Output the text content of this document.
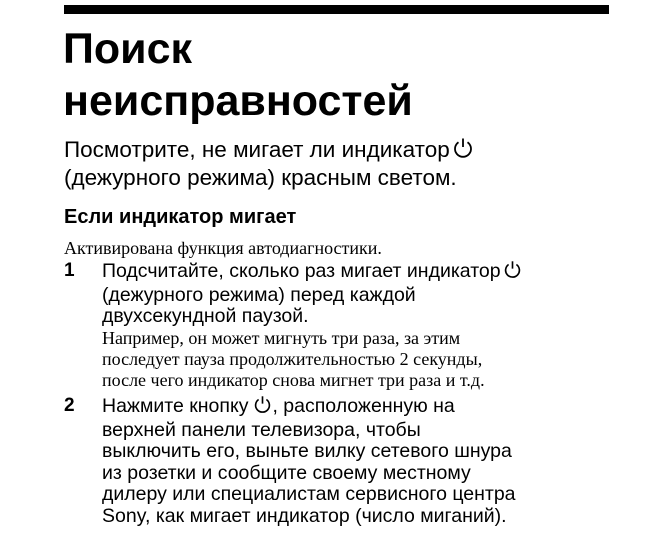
Поиск
неисправностей

Посмотрите, не мигает ли индикатор
(дежурного режима) красным светом.

Если индикатор мигает
Активирована функция автодиагностики.
1 Подсчитайте, сколько раз мигает индикатор
(дежурного режима) перед каждой
двухсекундной паузой.
Например, он может мигнуть три раза, за этим
последует пауза продолжительностью 2 секунды,
после чего индикатор снова мигнет три раза и т.д.
2 Нажмите кнопку , расположенную на
верхней панели телевизора, чтобы
выключить его, выньте вилку сетевого шнура
из розетки и сообщите своему местному
дилеру или специалистам сервисного центра
Sony, как мигает индикатор (число миганий).
